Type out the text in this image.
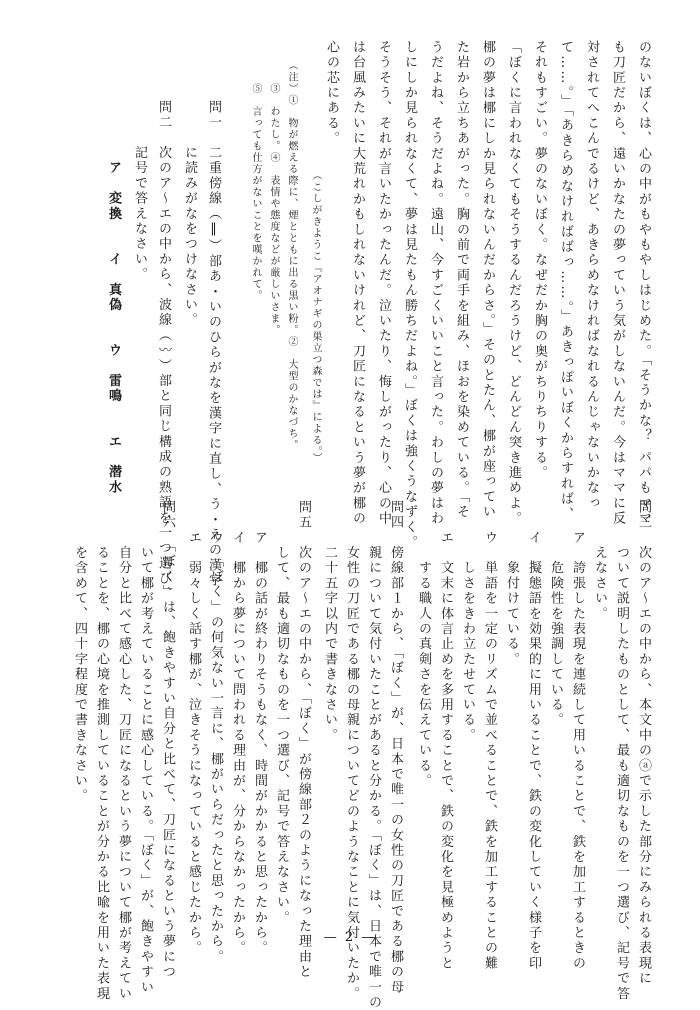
のないぼくは、心の中がもやもやしはじめた。「そうかな？ パパもママ
も刀匠だから、遠いかなたの夢っていう気がしないんだ。今はママに反
対されてへこんでるけど、あきらめなければなれるんじゃないかなっ
て……。」「あきらめなければばっ……。」あきっぽいぼくからすれば、
それもすごい。夢のないぼく。なぜだか胸の奥がちりちりする。
「ぼくに言われなくてもそうするんだろうけど、どんどん突き進めよ。
梛の夢は梛にしか見られないんだからさ。」そのとたん、梛が座ってい
た岩から立ちあがった。胸の前で両手を組み、ほおを染めている。「そ
うだよね、そうだよね。遠山、今すごくいいこと言った。わしの夢はわ
しにしか見られなくて、夢は見たもん勝ちだよね。」ぼくは強くうなずく。
そうそう、それが言いたかったんだ。泣いたり、悔しがったり、心の中
は台風みたいに大荒れかもしれないけれど、刀匠になるという夢が梛の
心の芯にある。
（こしがきようこ『アオナギの巣立つ森では』による。）
（注）①　物が燃える際に、煙とともに出る黒い粉。②　大型のかなづち。
　　③　わたし。④　表情や態度などが厳しいさま。
　　⑤　言っても仕方がないことを嘆かれて。
問一　二重傍線（‖）部あ・いのひらがなを漢字に直し、う・えの漢字
　　　に読みがなをつけなさい。
問二　次のア〜エの中から、波線（〰）部と同じ構成の熟語を一つ選び、
　　　記号で答えなさい。
　　　　ア　変換　　イ　真偽　　ウ　雷鳴　　エ　潜水
問三　次のア〜エの中から、本文中のⓐで示した部分にみられる表現に
　　　ついて説明したものとして、最も適切なものを一つ選び、記号で答
　　　えなさい。
　　ア　誇張した表現を連続して用いることで、鉄を加工するときの
　　　　危険性を強調している。
　　イ　擬態語を効果的に用いることで、鉄の変化していく様子を印
　　　　象付けている。
　　ウ　単語を一定のリズムで並べることで、鉄を加工することの難
　　　　しさをきわ立たせている。
　　エ　文末に体言止めを多用することで、鉄の変化を見極めようと
　　　　する職人の真剣さを伝えている。
問四　傍線部１から、「ぼく」が、日本で唯一の女性の刀匠である梛の母
　　　親について気付いたことがあると分かる。「ぼく」は、日本で唯一の
　　　女性の刀匠である梛の母親についてどのようなことに気付いたか。
　　　二十五字以内で書きなさい。
問五　次のア〜エの中から、「ぼく」が傍線部２のようになった理由と
　　　して、最も適切なものを一つ選び、記号で答えなさい。
　　ア　梛の話が終わりそうもなく、時間がかかると思ったから。
　　イ　梛から夢について問われる理由が、分からなかったから。
　　ウ　「ぼく」の何気ない一言に、梛がいらだったと思ったから。
　　エ　弱々しく話す梛が、泣きそうになっていると感じたから。
問六　「ぼく」は、飽きやすい自分と比べて、刀匠になるという夢につ
　　　いて梛が考えていることに感心している。「ぼく」が、飽きやすい
　　　自分と比べて感心した、刀匠になるという夢について梛が考えてい
　　　ることを、梛の心境を推測していることが分かる比喩を用いた表現
　　　を含めて、四十字程度で書きなさい。
— 2 —
